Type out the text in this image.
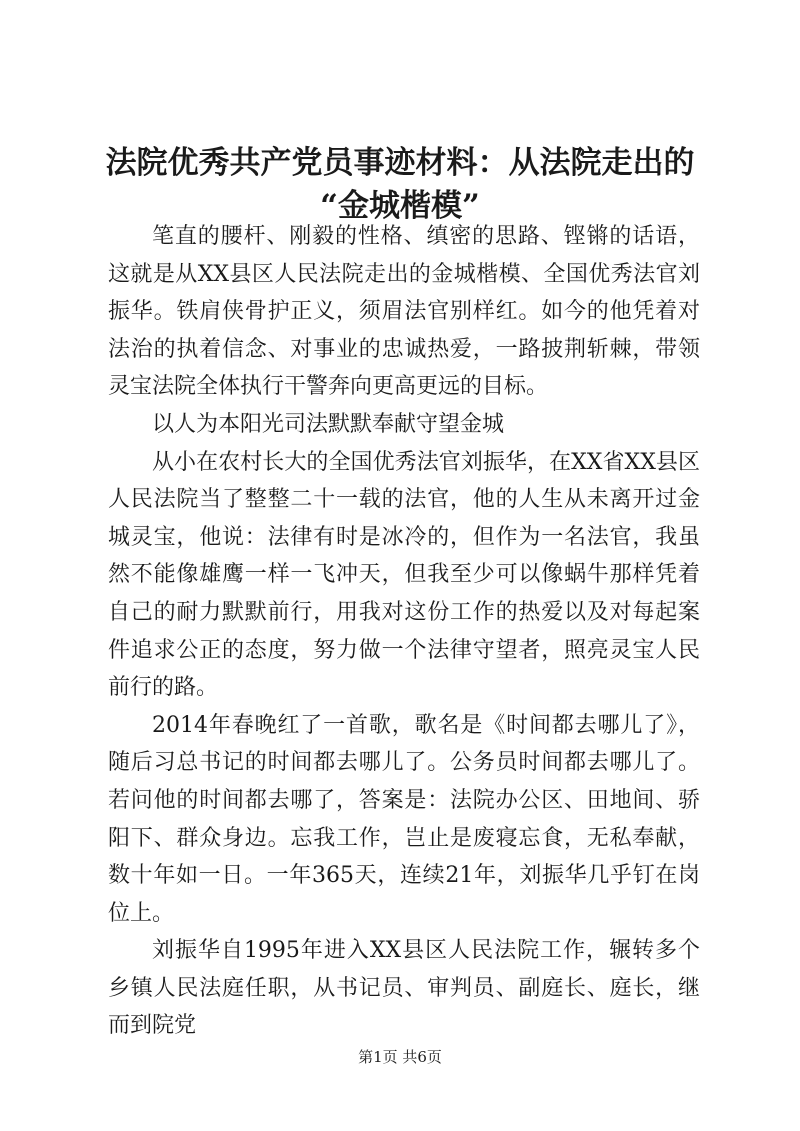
法院优秀共产党员事迹材料：从法院走出的
“金城楷模”

笔直的腰杆、刚毅的性格、缜密的思路、铿锵的话语，这就是从XX县区人民法院走出的金城楷模、全国优秀法官刘振华。铁肩侠骨护正义，须眉法官别样红。如今的他凭着对法治的执着信念、对事业的忠诚热爱，一路披荆斩棘，带领灵宝法院全体执行干警奔向更高更远的目标。

以人为本阳光司法默默奉献守望金城

从小在农村长大的全国优秀法官刘振华，在XX省XX县区人民法院当了整整二十一载的法官，他的人生从未离开过金城灵宝，他说：法律有时是冰冷的，但作为一名法官，我虽然不能像雄鹰一样一飞冲天，但我至少可以像蜗牛那样凭着自己的耐力默默前行，用我对这份工作的热爱以及对每起案件追求公正的态度，努力做一个法律守望者，照亮灵宝人民前行的路。

2014年春晚红了一首歌，歌名是《时间都去哪儿了》，随后习总书记的时间都去哪儿了。公务员时间都去哪儿了。若问他的时间都去哪了，答案是：法院办公区、田地间、骄阳下、群众身边。忘我工作，岂止是废寝忘食，无私奉献，数十年如一日。一年365天，连续21年，刘振华几乎钉在岗位上。

刘振华自1995年进入XX县区人民法院工作，辗转多个乡镇人民法庭任职，从书记员、审判员、副庭长、庭长，继而到院党

第1页 共6页
